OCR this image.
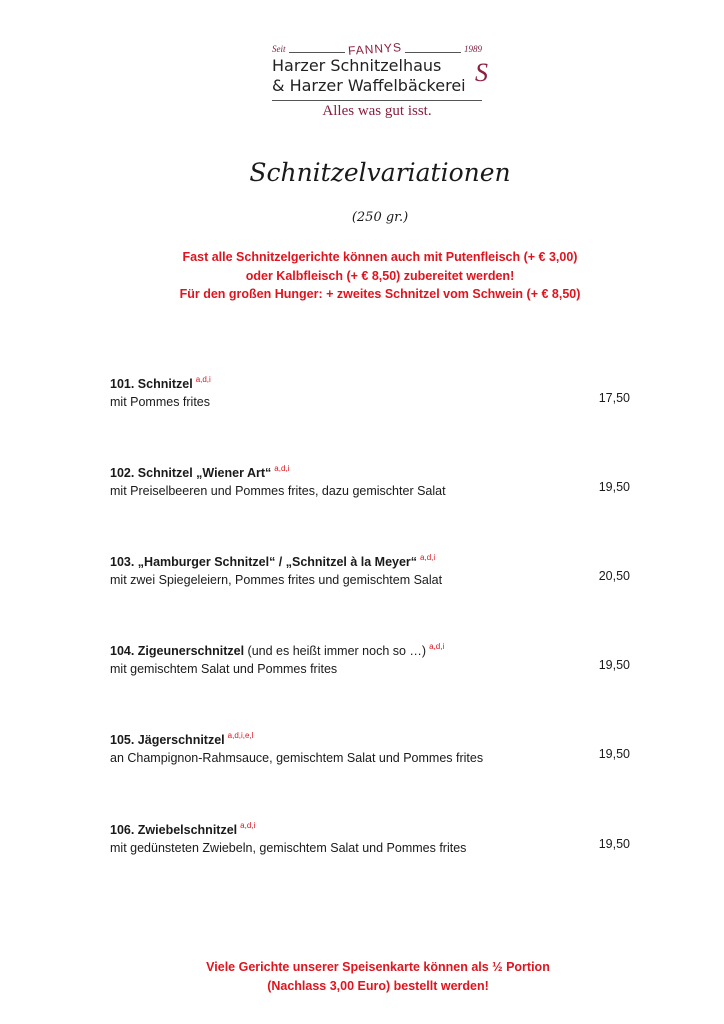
Seit	FANNYS	1989
Harzer Schnitzelhaus
& Harzer Waffelbäckerei
Alles was gut isst.
S
Schnitzelvariationen
(250 gr.)
Fast alle Schnitzelgerichte können auch mit Putenfleisch (+ € 3,00)
oder Kalbfleisch (+ € 8,50) zubereitet werden!
Für den großen Hunger: + zweites Schnitzel vom Schwein (+ € 8,50)
101. Schnitzel $^{a,d,i}$
mit Pommes frites	17,50
102. Schnitzel „Wiener Art“ $^{a,d,i}$
mit Preiselbeeren und Pommes frites, dazu gemischter Salat	19,50
103. „Hamburger Schnitzel“ / „Schnitzel à la Meyer“ $^{a,d,i}$
mit zwei Spiegeleiern, Pommes frites und gemischtem Salat	20,50
104. Zigeunerschnitzel (und es heißt immer noch so …) $^{a,d,i}$
mit gemischtem Salat und Pommes frites	19,50
105. Jägerschnitzel $^{a,d,i,e,l}$
an Champignon-Rahmsauce, gemischtem Salat und Pommes frites	19,50
106. Zwiebelschnitzel $^{a,d,i}$
mit gedünsteten Zwiebeln, gemischtem Salat und Pommes frites	19,50
Viele Gerichte unserer Speisenkarte können als ½ Portion
(Nachlass 3,00 Euro) bestellt werden!
